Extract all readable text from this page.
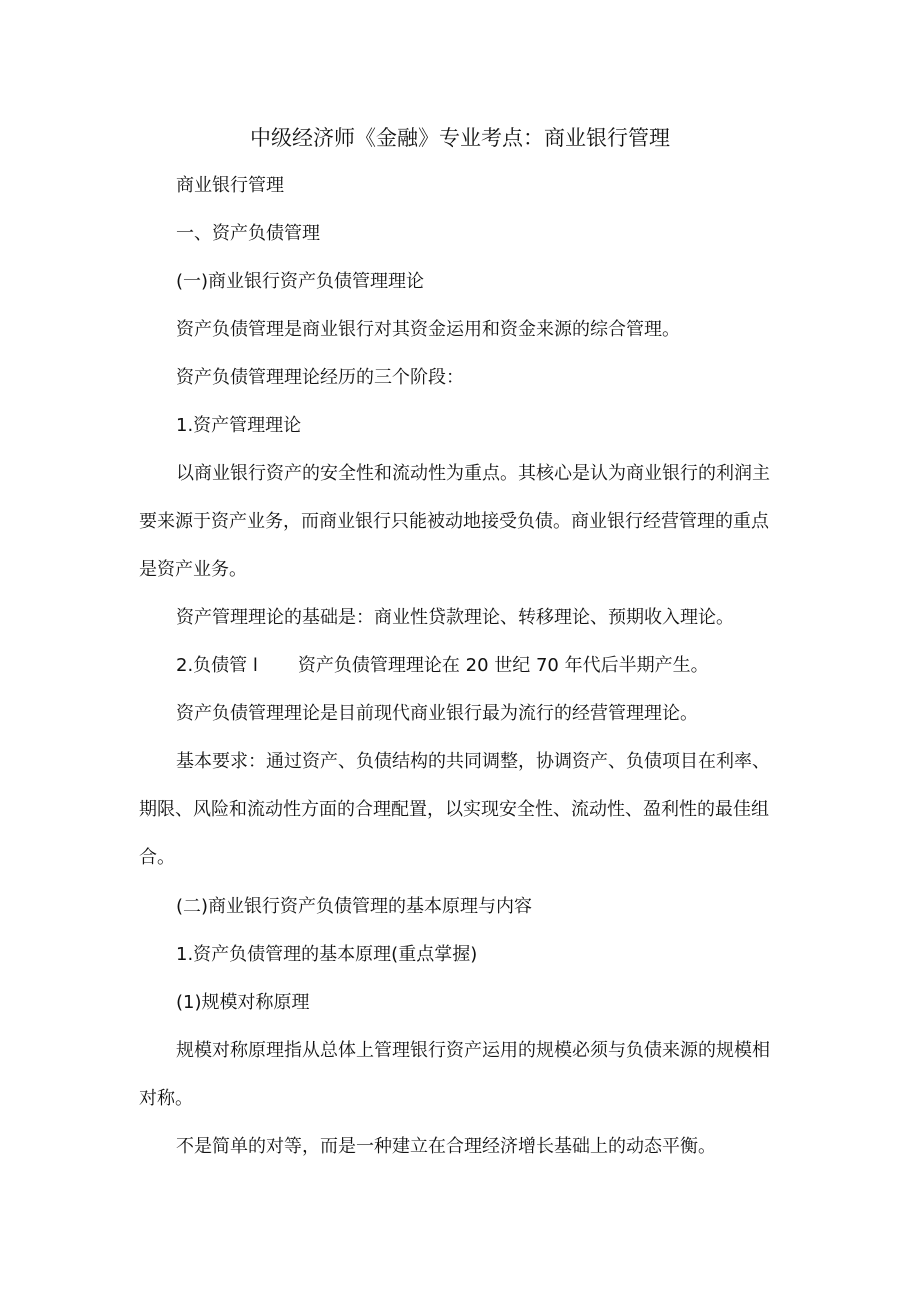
中级经济师《金融》专业考点：商业银行管理
商业银行管理
一、资产负债管理
(一)商业银行资产负债管理理论
资产负债管理是商业银行对其资金运用和资金来源的综合管理。
资产负债管理理论经历的三个阶段：
1.资产管理理论
以商业银行资产的安全性和流动性为重点。其核心是认为商业银行的利润主
要来源于资产业务，而商业银行只能被动地接受负债。商业银行经营管理的重点
是资产业务。
资产管理理论的基础是：商业性贷款理论、转移理论、预期收入理论。
2.负债管 l 资产负债管理理论在 20 世纪 70 年代后半期产生。
资产负债管理理论是目前现代商业银行最为流行的经营管理理论。
基本要求：通过资产、负债结构的共同调整，协调资产、负债项目在利率、
期限、风险和流动性方面的合理配置，以实现安全性、流动性、盈利性的最佳组
合。
(二)商业银行资产负债管理的基本原理与内容
1.资产负债管理的基本原理(重点掌握)
(1)规模对称原理
规模对称原理指从总体上管理银行资产运用的规模必须与负债来源的规模相
对称。
不是简单的对等，而是一种建立在合理经济增长基础上的动态平衡。
